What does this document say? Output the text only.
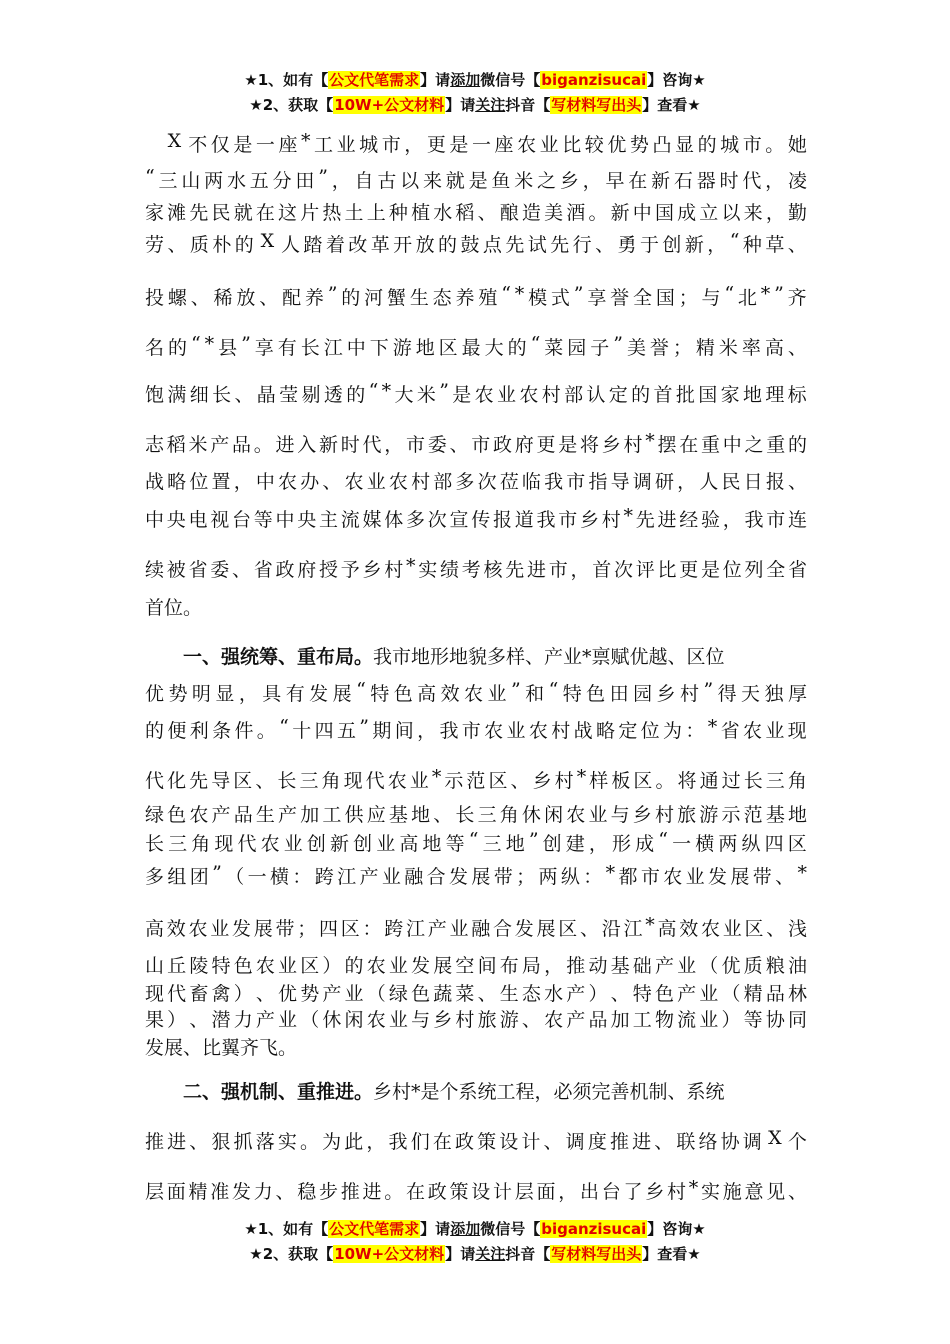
★1、如有【公文代笔需求】请添加微信号【biganzisucai】咨询★
★2、获取【10W+公文材料】请关注抖音【写材料写出头】查看★

X 不 仅 是 一 座 * 工 业 城 市 ， 更 是 一 座 农 业 比 较 优 势 凸 显 的 城 市 。 她
“ 三 山 两 水 五 分 田 ” ， 自 古 以 来 就 是 鱼 米 之 乡 ， 早 在 新 石 器 时 代 ， 凌
家 滩 先 民 就 在 这 片 热 土 上 种 植 水 稻 、 酿 造 美 酒 。 新 中 国 成 立 以 来 ， 勤
劳 、 质 朴 的 X 人 踏 着 改 革 开 放 的 鼓 点 先 试 先 行 、 勇 于 创 新 ， “ 种 草 、
投 螺 、 稀 放 、 配 养 ” 的 河 蟹 生 态 养 殖 “ * 模 式 ” 享 誉 全 国 ； 与 “ 北 * ” 齐
名 的 “ * 县 ” 享 有 长 江 中 下 游 地 区 最 大 的 “ 菜 园 子 ” 美 誉 ； 精 米 率 高 、
饱 满 细 长 、 晶 莹 剔 透 的 “ * 大 米 ” 是 农 业 农 村 部 认 定 的 首 批 国 家 地 理 标
志 稻 米 产 品 。 进 入 新 时 代 ， 市 委 、 市 政 府 更 是 将 乡 村 * 摆 在 重 中 之 重 的
战 略 位 置 ， 中 农 办 、 农 业 农 村 部 多 次 莅 临 我 市 指 导 调 研 ， 人 民 日 报 、
中 央 电 视 台 等 中 央 主 流 媒 体 多 次 宣 传 报 道 我 市 乡 村 * 先 进 经 验 ， 我 市 连
续 被 省 委 、 省 政 府 授 予 乡 村 * 实 绩 考 核 先 进 市 ， 首 次 评 比 更 是 位 列 全 省
首位。
　　一、强统筹、重布局。我市地形地貌多样、产业*禀赋优越、区位
优 势 明 显 ， 具 有 发 展 “ 特 色 高 效 农 业 ” 和 “ 特 色 田 园 乡 村 ” 得 天 独 厚
的 便 利 条 件 。 “ 十 四 五 ” 期 间 ， 我 市 农 业 农 村 战 略 定 位 为 ： * 省 农 业 现
代 化 先 导 区 、 长 三 角 现 代 农 业 * 示 范 区 、 乡 村 * 样 板 区 。 将 通 过 长 三 角
绿 色 农 产 品 生 产 加 工 供 应 基 地 、 长 三 角 休 闲 农 业 与 乡 村 旅 游 示 范 基 地
长 三 角 现 代 农 业 创 新 创 业 高 地 等 “ 三 地 ” 创 建 ， 形 成 “ 一 横 两 纵 四 区
多 组 团 ” （ 一 横 ： 跨 江 产 业 融 合 发 展 带 ； 两 纵 ： * 都 市 农 业 发 展 带 、 *
高 效 农 业 发 展 带 ； 四 区 ： 跨 江 产 业 融 合 发 展 区 、 沿 江 * 高 效 农 业 区 、 浅
山 丘 陵 特 色 农 业 区 ） 的 农 业 发 展 空 间 布 局 ， 推 动 基 础 产 业 （ 优 质 粮 油
现 代 畜 禽 ） 、 优 势 产 业 （ 绿 色 蔬 菜 、 生 态 水 产 ） 、 特 色 产 业 （ 精 品 林
果 ） 、 潜 力 产 业 （ 休 闲 农 业 与 乡 村 旅 游 、 农 产 品 加 工 物 流 业 ） 等 协 同
发展、比翼齐飞。
　　二、强机制、重推进。乡村*是个系统工程，必须完善机制、系统
推 进 、 狠 抓 落 实 。 为 此 ， 我 们 在 政 策 设 计 、 调 度 推 进 、 联 络 协 调 X 个
层 面 精 准 发 力 、 稳 步 推 进 。 在 政 策 设 计 层 面 ， 出 台 了 乡 村 * 实 施 意 见 、
★1、如有【公文代笔需求】请添加微信号【biganzisucai】咨询★
★2、获取【10W+公文材料】请关注抖音【写材料写出头】查看★
